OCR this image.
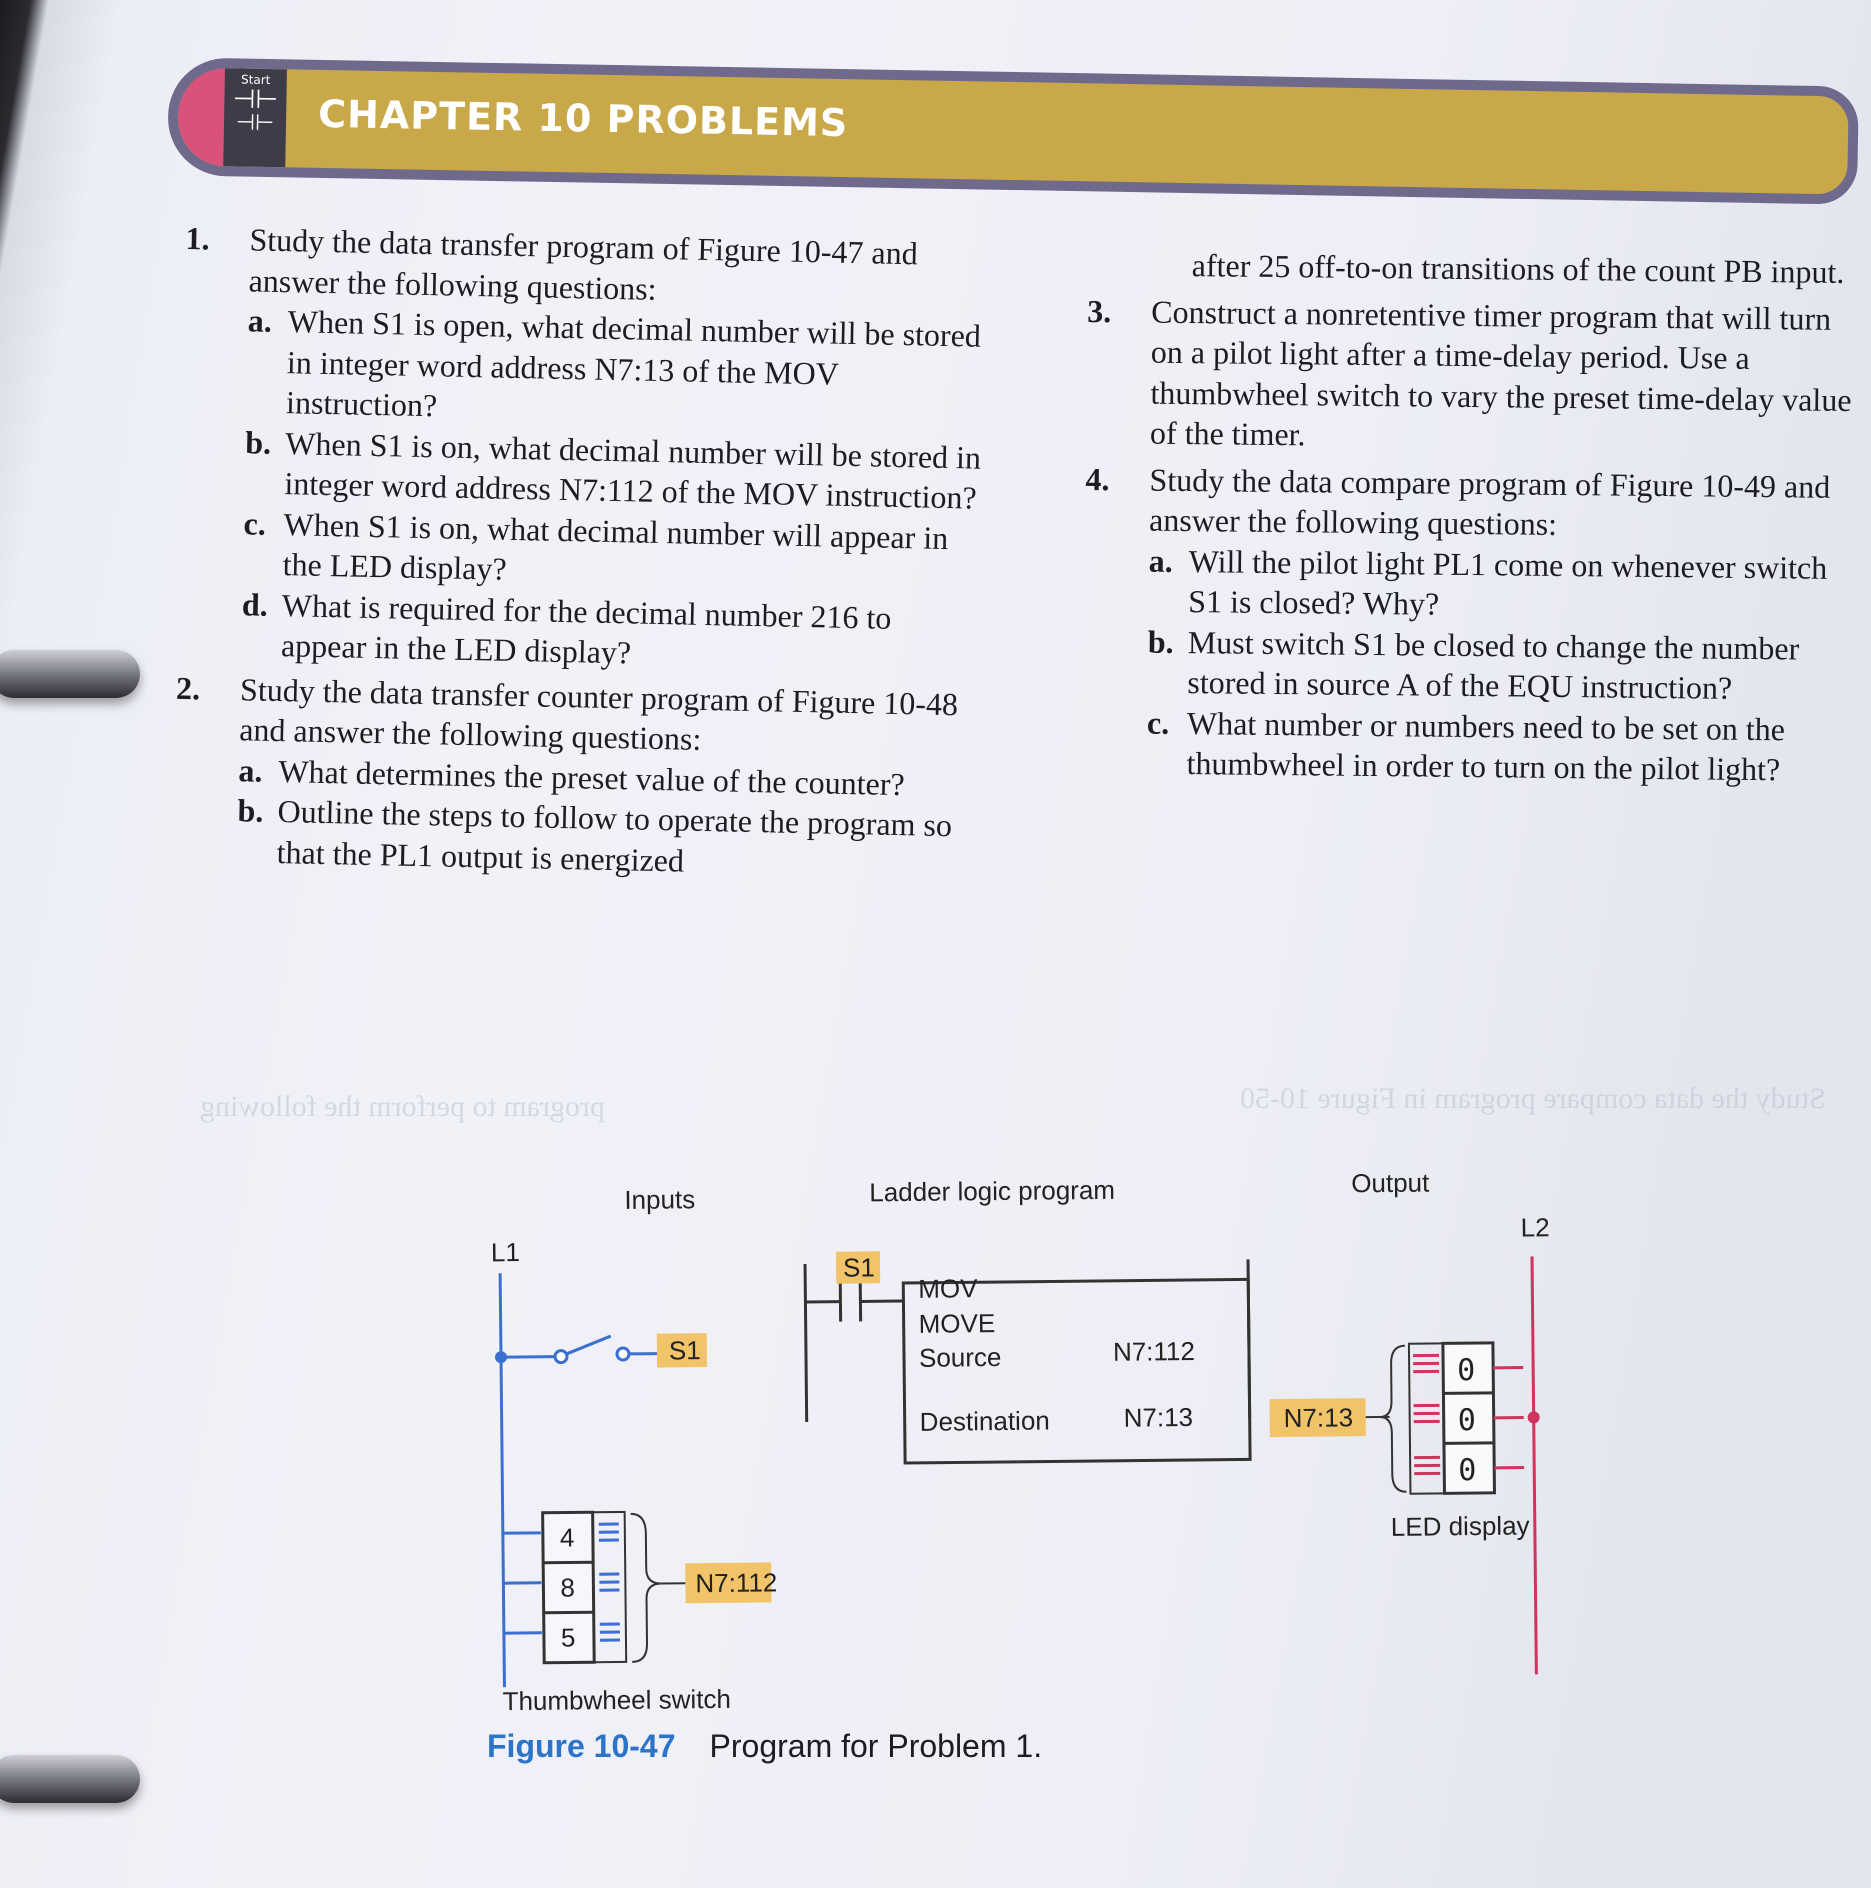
Study the data compare program in Figure 10-50
program to perform the following
Start
⊣⊢
⊣⊢	CHAPTER 10 PROBLEMS
1. Study the data transfer program of Figure 10-47 and answer the following questions:

a. When S1 is open, what decimal number will be stored in integer word address N7:13 of the MOV instruction?

b. When S1 is on, what decimal number will be stored in integer word address N7:112 of the MOV instruction?

c. When S1 is on, what decimal number will appear in the LED display?

d. What is required for the decimal number 216 to appear in the LED display?

2. Study the data transfer counter program of Figure 10-48 and answer the following questions:

a. What determines the preset value of the counter?

b. Outline the steps to follow to operate the program so that the PL1 output is energized

after 25 off-to-on transitions of the count PB input.

3. Construct a nonretentive timer program that will turn on a pilot light after a time-delay period. Use a thumbwheel switch to vary the preset time-delay value of the timer.

4. Study the data compare program of Figure 10-49 and answer the following questions:

a. Will the pilot light PL1 come on whenever switch S1 is closed? Why?

b. Must switch S1 be closed to change the number stored in source A of the EQU instruction?

c. What number or numbers need to be set on the thumbwheel in order to turn on the pilot light?

Inputs	Ladder logic program	Output
L1
L2
S1
4
8
5
N7:112
Thumbwheel switch
S1
MOV
MOVE
Source	N7:112
Destination	N7:13	N7:13
0
0
0
LED display
Figure 10-47 Program for Problem 1.
